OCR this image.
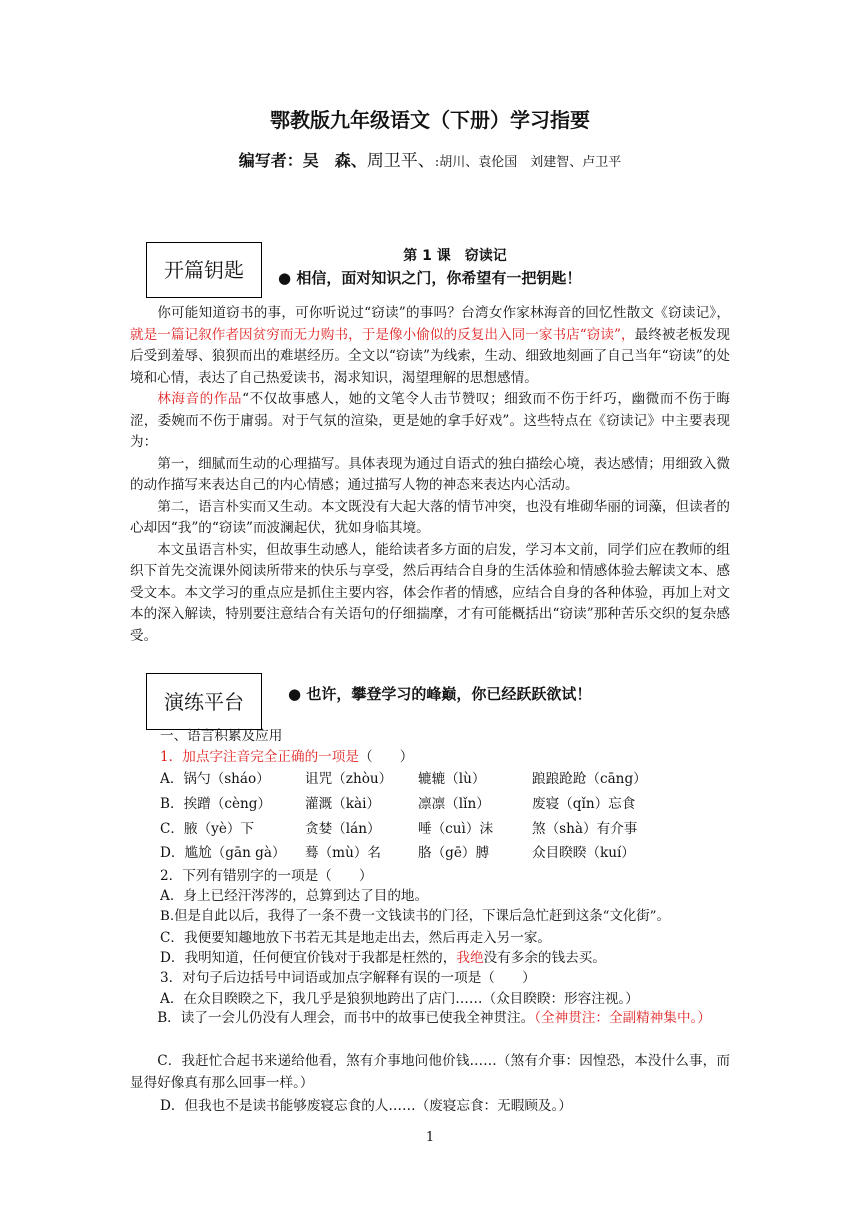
鄂教版九年级语文（下册）学习指要
编写者：吴　森、周卫平、:胡川、袁伦国　刘建智、卢卫平
开篇钥匙
第 1 课　窃读记
● 相信，面对知识之门，你希望有一把钥匙！

你可能知道窃书的事，可你听说过“窃读”的事吗？台湾女作家林海音的回忆性散文《窃读记》，就是一篇记叙作者因贫穷而无力购书，于是像小偷似的反复出入同一家书店“窃读”，最终被老板发现后受到羞辱、狼狈而出的难堪经历。全文以“窃读”为线索，生动、细致地刻画了自己当年“窃读”的处境和心情，表达了自己热爱读书，渴求知识，渴望理解的思想感情。

林海音的作品“不仅故事感人，她的文笔令人击节赞叹；细致而不伤于纤巧，幽微而不伤于晦涩，委婉而不伤于庸弱。对于气氛的渲染，更是她的拿手好戏”。这些特点在《窃读记》中主要表现为：

第一，细腻而生动的心理描写。具体表现为通过自语式的独白描绘心境，表达感情；用细致入微的动作描写来表达自己的内心情感；通过描写人物的神态来表达内心活动。

第二，语言朴实而又生动。本文既没有大起大落的情节冲突，也没有堆砌华丽的词藻，但读者的心却因“我”的“窃读”而波澜起伏，犹如身临其境。

本文虽语言朴实，但故事生动感人，能给读者多方面的启发，学习本文前，同学们应在教师的组织下首先交流课外阅读所带来的快乐与享受，然后再结合自身的生活体验和情感体验去解读文本、感受文本。本文学习的重点应是抓住主要内容，体会作者的情感，应结合自身的各种体验，再加上对文本的深入解读，特别要注意结合有关语句的仔细揣摩，才有可能概括出“窃读”那种苦乐交织的复杂感受。

演练平台	● 也许，攀登学习的峰巅，你已经跃跃欲试！
一、语言积累及应用
1．加点字注音完全正确的一项是（　　）
A．锅勺（sháo）	诅咒（zhòu） 辘辘（lù）	踉踉跄跄（cāng）
B．挨蹭（cèng） 灌溉（kài）	凛凛（lǐn）	废寝（qǐn）忘食
C．腋（yè）下	贪婪（lán）	唾（cuì）沫	煞（shà）有介事
D．尴尬（gān gà） 蓦（mù）名	胳（gē）膊	众目睽睽（kuí）
2．下列有错别字的一项是（　　）
A．身上已经汗涔涔的，总算到达了目的地。
B.但是自此以后，我得了一条不费一文钱读书的门径，下课后急忙赶到这条“文化街”。
C．我便要知趣地放下书若无其是地走出去，然后再走入另一家。
D．我明知道，任何便宜价钱对于我都是枉然的，我绝没有多余的钱去买。
3．对句子后边括号中词语或加点字解释有误的一项是（　　）
A．在众目睽睽之下，我几乎是狼狈地跨出了店门……（众目睽睽：形容注视。）

B．读了一会儿仍没有人理会，而书中的故事已使我全神贯注。（全神贯注：全副精神集中。）

C．我赶忙合起书来递给他看，煞有介事地问他价钱……（煞有介事：因惶恐，本没什么事，而显得好像真有那么回事一样。）

D．但我也不是读书能够废寝忘食的人……（废寝忘食：无暇顾及。）
1
